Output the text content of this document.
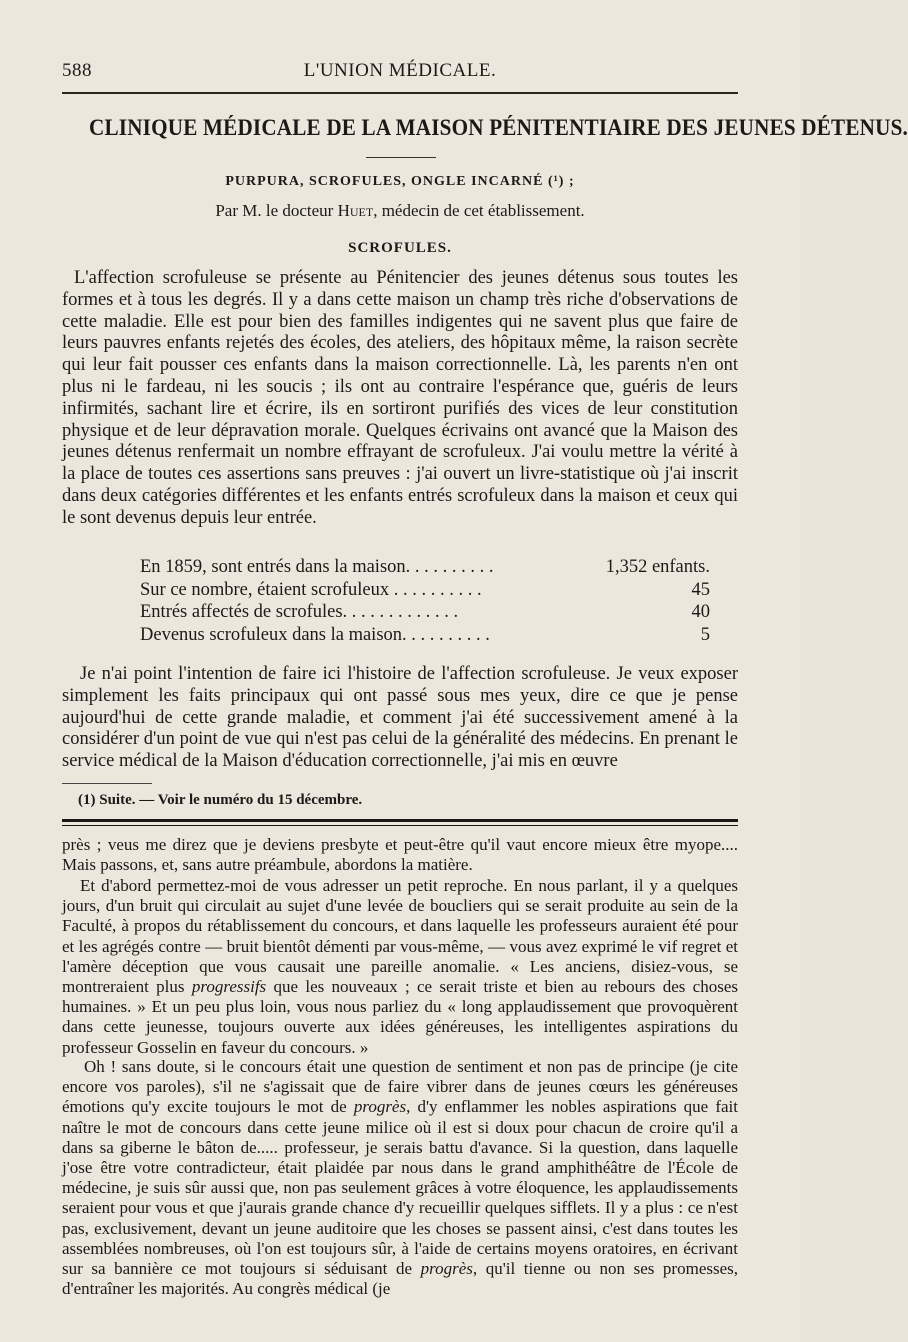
588	L'UNION MÉDICALE.
CLINIQUE MÉDICALE DE LA MAISON PÉNITENTIAIRE DES JEUNES DÉTENUS.
PURPURA, SCROFULES, ONGLE INCARNÉ (¹) ;
Par M. le docteur Huet, médecin de cet établissement.
SCROFULES.

L'affection scrofuleuse se présente au Pénitencier des jeunes détenus sous toutes les formes et à tous les degrés. Il y a dans cette maison un champ très riche d'observations de cette maladie. Elle est pour bien des familles indigentes qui ne savent plus que faire de leurs pauvres enfants rejetés des écoles, des ateliers, des hôpitaux même, la raison secrète qui leur fait pousser ces enfants dans la maison correctionnelle. Là, les parents n'en ont plus ni le fardeau, ni les soucis ; ils ont au contraire l'espérance que, guéris de leurs infirmités, sachant lire et écrire, ils en sortiront purifiés des vices de leur constitution physique et de leur dépravation morale. Quelques écrivains ont avancé que la Maison des jeunes détenus renfermait un nombre effrayant de scrofuleux. J'ai voulu mettre la vérité à la place de toutes ces assertions sans preuves : j'ai ouvert un livre-statistique où j'ai inscrit dans deux catégories différentes et les enfants entrés scrofuleux dans la maison et ceux qui le sont devenus depuis leur entrée.

En 1859, sont entrés dans la maison. . . . . . . . . .	1,352 enfants.
Sur ce nombre, étaient scrofuleux . . . . . . . . . .	45
Entrés affectés de scrofules. . . . . . . . . . . . .	40
Devenus scrofuleux dans la maison. . . . . . . . . .	5

Je n'ai point l'intention de faire ici l'histoire de l'affection scrofuleuse. Je veux exposer simplement les faits principaux qui ont passé sous mes yeux, dire ce que je pense aujourd'hui de cette grande maladie, et comment j'ai été successivement amené à la considérer d'un point de vue qui n'est pas celui de la généralité des médecins. En prenant le service médical de la Maison d'éducation correctionnelle, j'ai mis en œuvre

(1) Suite. — Voir le numéro du 15 décembre.

près ; veus me direz que je deviens presbyte et peut-être qu'il vaut encore mieux être myope.... Mais passons, et, sans autre préambule, abordons la matière.

Et d'abord permettez-moi de vous adresser un petit reproche. En nous parlant, il y a quelques jours, d'un bruit qui circulait au sujet d'une levée de boucliers qui se serait produite au sein de la Faculté, à propos du rétablissement du concours, et dans laquelle les professeurs auraient été pour et les agrégés contre — bruit bientôt démenti par vous-même, — vous avez exprimé le vif regret et l'amère déception que vous causait une pareille anomalie. « Les anciens, disiez-vous, se montreraient plus progressifs que les nouveaux ; ce serait triste et bien au rebours des choses humaines. » Et un peu plus loin, vous nous parliez du « long applaudissement que provoquèrent dans cette jeunesse, toujours ouverte aux idées généreuses, les intelligentes aspirations du professeur Gosselin en faveur du concours. »

Oh ! sans doute, si le concours était une question de sentiment et non pas de principe (je cite encore vos paroles), s'il ne s'agissait que de faire vibrer dans de jeunes cœurs les généreuses émotions qu'y excite toujours le mot de progrès, d'y enflammer les nobles aspirations que fait naître le mot de concours dans cette jeune milice où il est si doux pour chacun de croire qu'il a dans sa giberne le bâton de..... professeur, je serais battu d'avance. Si la question, dans laquelle j'ose être votre contradicteur, était plaidée par nous dans le grand amphithéâtre de l'École de médecine, je suis sûr aussi que, non pas seulement grâces à votre éloquence, les applaudissements seraient pour vous et que j'aurais grande chance d'y recueillir quelques sifflets. Il y a plus : ce n'est pas, exclusivement, devant un jeune auditoire que les choses se passent ainsi, c'est dans toutes les assemblées nombreuses, où l'on est toujours sûr, à l'aide de certains moyens oratoires, en écrivant sur sa bannière ce mot toujours si séduisant de progrès, qu'il tienne ou non ses promesses, d'entraîner les majorités. Au congrès médical (je
